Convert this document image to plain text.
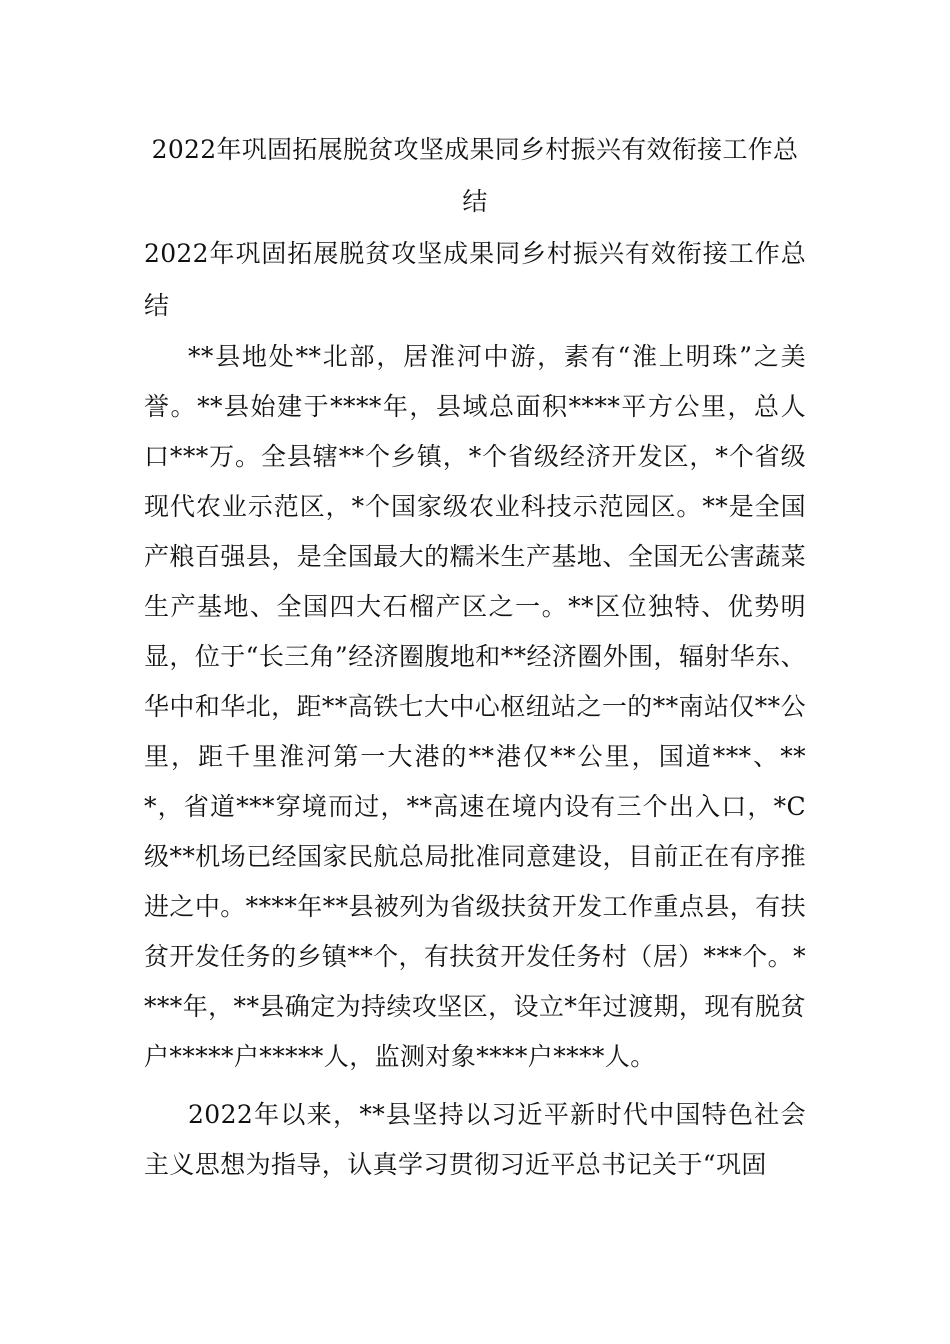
2022年巩固拓展脱贫攻坚成果同乡村振兴有效衔接工作总结
2022年巩固拓展脱贫攻坚成果同乡村振兴有效衔接工作总结

**县地处**北部，居淮河中游，素有“淮上明珠”之美誉。**县始建于****年，县域总面积****平方公里，总人口***万。全县辖**个乡镇，*个省级经济开发区，*个省级现代农业示范区，*个国家级农业科技示范园区。**是全国产粮百强县，是全国最大的糯米生产基地、全国无公害蔬菜生产基地、全国四大石榴产区之一。**区位独特、优势明显，位于“长三角”经济圈腹地和**经济圈外围，辐射华东、华中和华北，距**高铁七大中心枢纽站之一的**南站仅**公里，距千里淮河第一大港的**港仅**公里，国道***、***，省道***穿境而过，**高速在境内设有三个出入口，*C级**机场已经国家民航总局批准同意建设，目前正在有序推进之中。****年**县被列为省级扶贫开发工作重点县，有扶贫开发任务的乡镇**个，有扶贫开发任务村（居）***个。****年，**县确定为持续攻坚区，设立*年过渡期，现有脱贫户*****户*****人，监测对象****户****人。

2022年以来，**县坚持以习近平新时代中国特色社会主义思想为指导，认真学习贯彻习近平总书记关于“巩固
